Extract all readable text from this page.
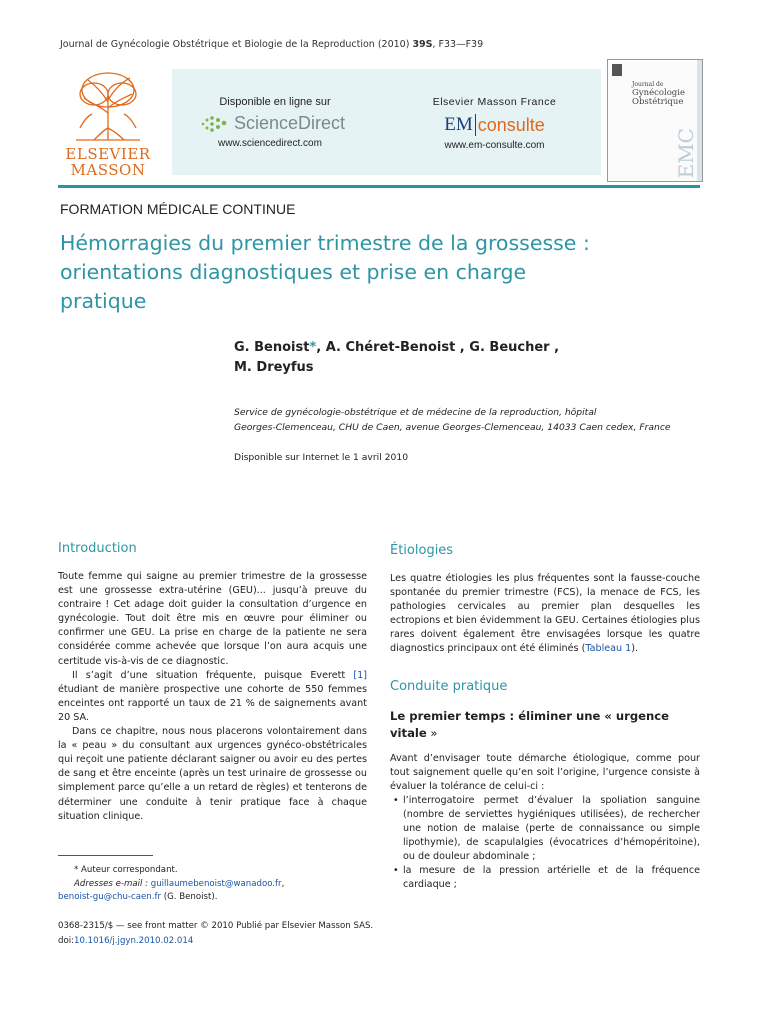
Journal de Gynécologie Obstétrique et Biologie de la Reproduction (2010) 39S, F33—F39
ELSEVIER
MASSON
Disponible en ligne sur
ScienceDirect
www.sciencedirect.com
Elsevier Masson France
EM consulte
www.em-consulte.com
Journal de
Gynécologie
Obstétrique
EMC
FORMATION MÉDICALE CONTINUE
Hémorragies du premier trimestre de la grossesse :
orientations diagnostiques et prise en charge
pratique
G. Benoist*, A. Chéret-Benoist , G. Beucher ,
M. Dreyfus
Service de gynécologie-obstétrique et de médecine de la reproduction, hôpital
Georges-Clemenceau, CHU de Caen, avenue Georges-Clemenceau, 14033 Caen cedex, France
Disponible sur Internet le 1 avril 2010
Introduction

Toute femme qui saigne au premier trimestre de la grossesse est une grossesse extra-utérine (GEU)... jusqu’à preuve du contraire ! Cet adage doit guider la consultation d’urgence en gynécologie. Tout doit être mis en œuvre pour éliminer ou confirmer une GEU. La prise en charge de la patiente ne sera considérée comme achevée que lorsque l’on aura acquis une certitude vis-à-vis de ce diagnostic.

Il s’agit d’une situation fréquente, puisque Everett [1] étudiant de manière prospective une cohorte de 550 femmes enceintes ont rapporté un taux de 21 % de saignements avant 20 SA.

Dans ce chapitre, nous nous placerons volontairement dans la « peau » du consultant aux urgences gynéco-obstétricales qui reçoit une patiente déclarant saigner ou avoir eu des pertes de sang et être enceinte (après un test urinaire de grossesse ou simplement parce qu’elle a un retard de règles) et tenterons de déterminer une conduite à tenir pratique face à chaque situation clinique.

Étiologies

Les quatre étiologies les plus fréquentes sont la fausse-couche spontanée du premier trimestre (FCS), la menace de FCS, les pathologies cervicales au premier plan desquelles les ectropions et bien évidemment la GEU. Certaines étiologies plus rares doivent également être envisagées lorsque les quatre diagnostics principaux ont été éliminés (Tableau 1).

Conduite pratique
Le premier temps : éliminer une « urgence
vitale »

Avant d’envisager toute démarche étiologique, comme pour tout saignement quelle qu’en soit l’origine, l’urgence consiste à évaluer la tolérance de celui-ci :

• l’interrogatoire permet d’évaluer la spoliation sanguine (nombre de serviettes hygiéniques utilisées), de rechercher une notion de malaise (perte de connaissance ou simple lipothymie), de scapulalgies (évocatrices d’hémopéritoine), ou de douleur abdominale ;
• la mesure de la pression artérielle et de la fréquence cardiaque ;
* Auteur correspondant.
Adresses e-mail : guillaumebenoist@wanadoo.fr,
benoist-gu@chu-caen.fr (G. Benoist).
0368-2315/$ — see front matter © 2010 Publié par Elsevier Masson SAS.
doi:10.1016/j.jgyn.2010.02.014
